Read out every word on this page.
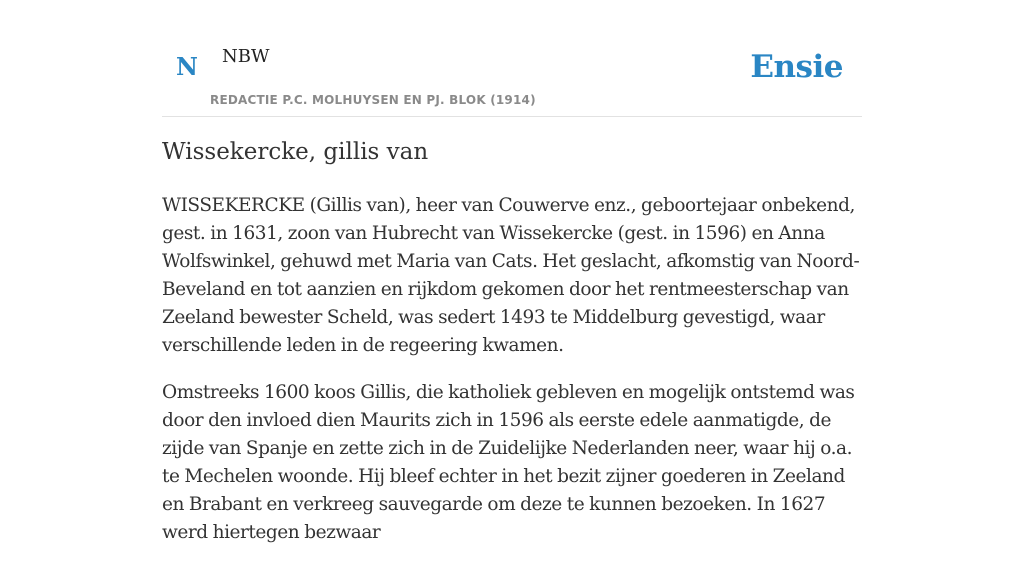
N NBW
REDACTIE P.C. MOLHUYSEN EN PJ. BLOK (1914)
Ensie
Wissekercke, gillis van

WISSEKERCKE (Gillis van), heer van Couwerve enz., geboortejaar onbekend, gest. in 1631, zoon van Hubrecht van Wissekercke (gest. in 1596) en Anna Wolfswinkel, gehuwd met Maria van Cats. Het geslacht, afkomstig van Noord-Beveland en tot aanzien en rijkdom gekomen door het rentmeesterschap van Zeeland bewester Scheld, was sedert 1493 te Middelburg gevestigd, waar verschillende leden in de regeering kwamen.

Omstreeks 1600 koos Gillis, die katholiek gebleven en mogelijk ontstemd was door den invloed dien Maurits zich in 1596 als eerste edele aanmatigde, de zijde van Spanje en zette zich in de Zuidelijke Nederlanden neer, waar hij o.a. te Mechelen woonde. Hij bleef echter in het bezit zijner goederen in Zeeland en Brabant en verkreeg sauvegarde om deze te kunnen bezoeken. In 1627 werd hiertegen bezwaar
